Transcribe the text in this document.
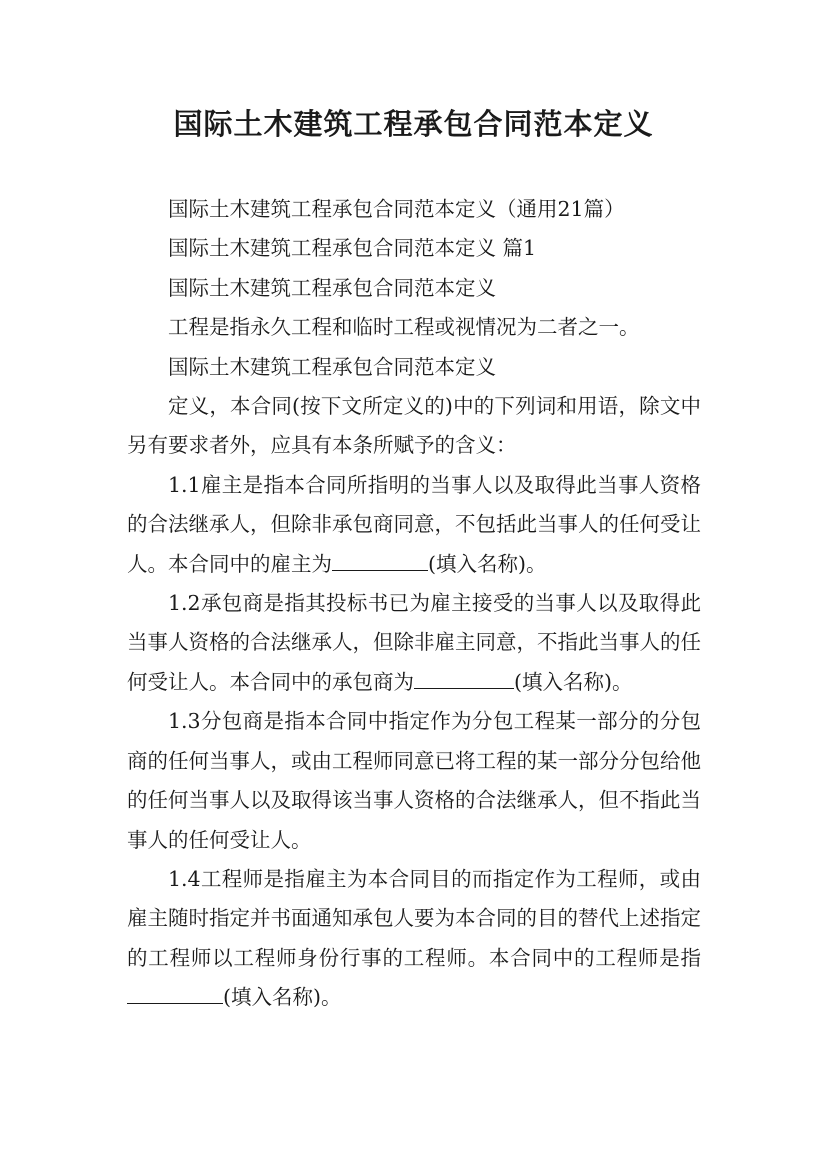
国际土木建筑工程承包合同范本定义

国际土木建筑工程承包合同范本定义（通用21篇）

国际土木建筑工程承包合同范本定义 篇1

国际土木建筑工程承包合同范本定义

工程是指永久工程和临时工程或视情况为二者之一。

国际土木建筑工程承包合同范本定义

定义，本合同(按下文所定义的)中的下列词和用语，除文中另有要求者外，应具有本条所赋予的含义：

1.1雇主是指本合同所指明的当事人以及取得此当事人资格的合法继承人，但除非承包商同意，不包括此当事人的任何受让人。本合同中的雇主为	(填入名称)。

1.2承包商是指其投标书已为雇主接受的当事人以及取得此当事人资格的合法继承人，但除非雇主同意，不指此当事人的任何受让人。本合同中的承包商为	(填入名称)。

1.3分包商是指本合同中指定作为分包工程某一部分的分包商的任何当事人，或由工程师同意已将工程的某一部分分包给他的任何当事人以及取得该当事人资格的合法继承人，但不指此当事人的任何受让人。

1.4工程师是指雇主为本合同目的而指定作为工程师，或由雇主随时指定并书面通知承包人要为本合同的目的替代上述指定的工程师以工程师身份行事的工程师。本合同中的工程师是指(填入名称)。
